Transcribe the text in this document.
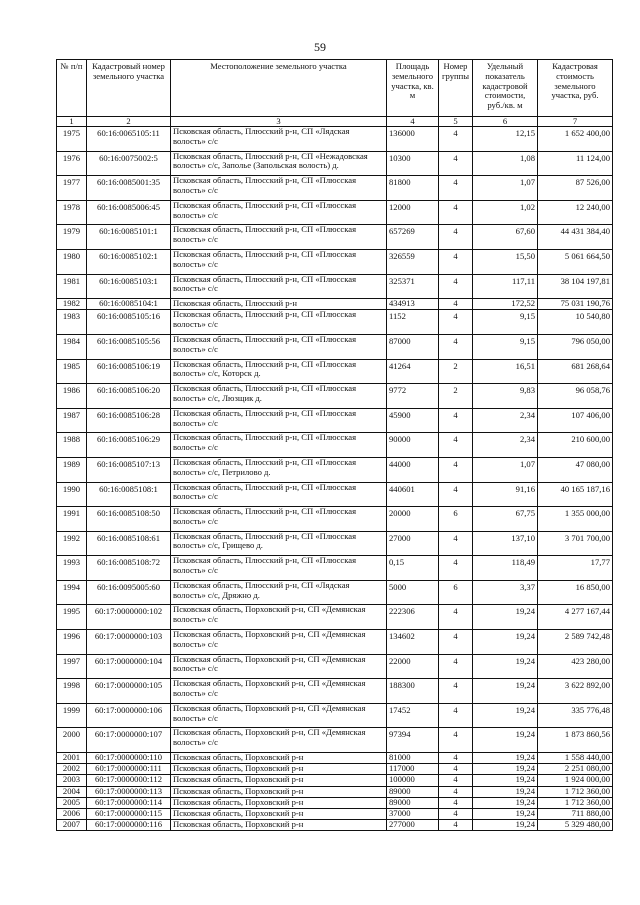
59
№ п/п	Кадастровый номер земельного участка	Местоположение земельного участка	Площадь земельного участка, кв. м	Номер группы	Удельный показатель кадастровой стоимости, руб./кв. м	Кадастровая стоимость земельного участка, руб.
1	2	3	4	5	6	7
1975	60:16:0065105:11	Псковская область, Плюсский р-н, СП «Лядская волость» с/с	136000	4	12,15	1 652 400,00
1976	60:16:0075002:5	Псковская область, Плюсский р-н, СП «Нежадовская волость» с/с, Заполье (Запольская волость) д.	10300	4	1,08	11 124,00
1977	60:16:0085001:35	Псковская область, Плюсский р-н, СП «Плюсская волость» с/с	81800	4	1,07	87 526,00
1978	60:16:0085006:45	Псковская область, Плюсский р-н, СП «Плюсская волость» с/с	12000	4	1,02	12 240,00
1979	60:16:0085101:1	Псковская область, Плюсский р-н, СП «Плюсская волость» с/с	657269	4	67,60	44 431 384,40
1980	60:16:0085102:1	Псковская область, Плюсский р-н, СП «Плюсская волость» с/с	326559	4	15,50	5 061 664,50
1981	60:16:0085103:1	Псковская область, Плюсский р-н, СП «Плюсская волость» с/с	325371	4	117,11	38 104 197,81
1982	60:16:0085104:1	Псковская область, Плюсский р-н	434913	4	172,52	75 031 190,76
1983	60:16:0085105:16	Псковская область, Плюсский р-н, СП «Плюсская волость» с/с	1152	4	9,15	10 540,80
1984	60:16:0085105:56	Псковская область, Плюсский р-н, СП «Плюсская волость» с/с	87000	4	9,15	796 050,00
1985	60:16:0085106:19	Псковская область, Плюсский р-н, СП «Плюсская волость» с/с, Которск д.	41264	2	16,51	681 268,64
1986	60:16:0085106:20	Псковская область, Плюсский р-н, СП «Плюсская волость» с/с, Люзщик д.	9772	2	9,83	96 058,76
1987	60:16:0085106:28	Псковская область, Плюсский р-н, СП «Плюсская волость» с/с	45900	4	2,34	107 406,00
1988	60:16:0085106:29	Псковская область, Плюсский р-н, СП «Плюсская волость» с/с	90000	4	2,34	210 600,00
1989	60:16:0085107:13	Псковская область, Плюсский р-н, СП «Плюсская волость» с/с, Петрилово д.	44000	4	1,07	47 080,00
1990	60:16:0085108:1	Псковская область, Плюсский р-н, СП «Плюсская волость» с/с	440601	4	91,16	40 165 187,16
1991	60:16:0085108:50	Псковская область, Плюсский р-н, СП «Плюсская волость» с/с	20000	6	67,75	1 355 000,00
1992	60:16:0085108:61	Псковская область, Плюсский р-н, СП «Плюсская волость» с/с, Грищево д.	27000	4	137,10	3 701 700,00
1993	60:16:0085108:72	Псковская область, Плюсский р-н, СП «Плюсская волость» с/с	0,15	4	118,49	17,77
1994	60:16:0095005:60	Псковская область, Плюсский р-н, СП «Лядская волость» с/с, Дряжно д.	5000	6	3,37	16 850,00
1995	60:17:0000000:102	Псковская область, Порховский р-н, СП «Демянская волость» с/с	222306	4	19,24	4 277 167,44
1996	60:17:0000000:103	Псковская область, Порховский р-н, СП «Демянская волость» с/с	134602	4	19,24	2 589 742,48
1997	60:17:0000000:104	Псковская область, Порховский р-н, СП «Демянская волость» с/с	22000	4	19,24	423 280,00
1998	60:17:0000000:105	Псковская область, Порховский р-н, СП «Демянская волость» с/с	188300	4	19,24	3 622 892,00
1999	60:17:0000000:106	Псковская область, Порховский р-н, СП «Демянская волость» с/с	17452	4	19,24	335 776,48
2000	60:17:0000000:107	Псковская область, Порховский р-н, СП «Демянская волость» с/с	97394	4	19,24	1 873 860,56
2001	60:17:0000000:110	Псковская область, Порховский р-н	81000	4	19,24	1 558 440,00
2002	60:17:0000000:111	Псковская область, Порховский р-н	117000	4	19,24	2 251 080,00
2003	60:17:0000000:112	Псковская область, Порховский р-н	100000	4	19,24	1 924 000,00
2004	60:17:0000000:113	Псковская область, Порховский р-н	89000	4	19,24	1 712 360,00
2005	60:17:0000000:114	Псковская область, Порховский р-н	89000	4	19,24	1 712 360,00
2006	60:17:0000000:115	Псковская область, Порховский р-н	37000	4	19,24	711 880,00
2007	60:17:0000000:116	Псковская область, Порховский р-н	277000	4	19,24	5 329 480,00
